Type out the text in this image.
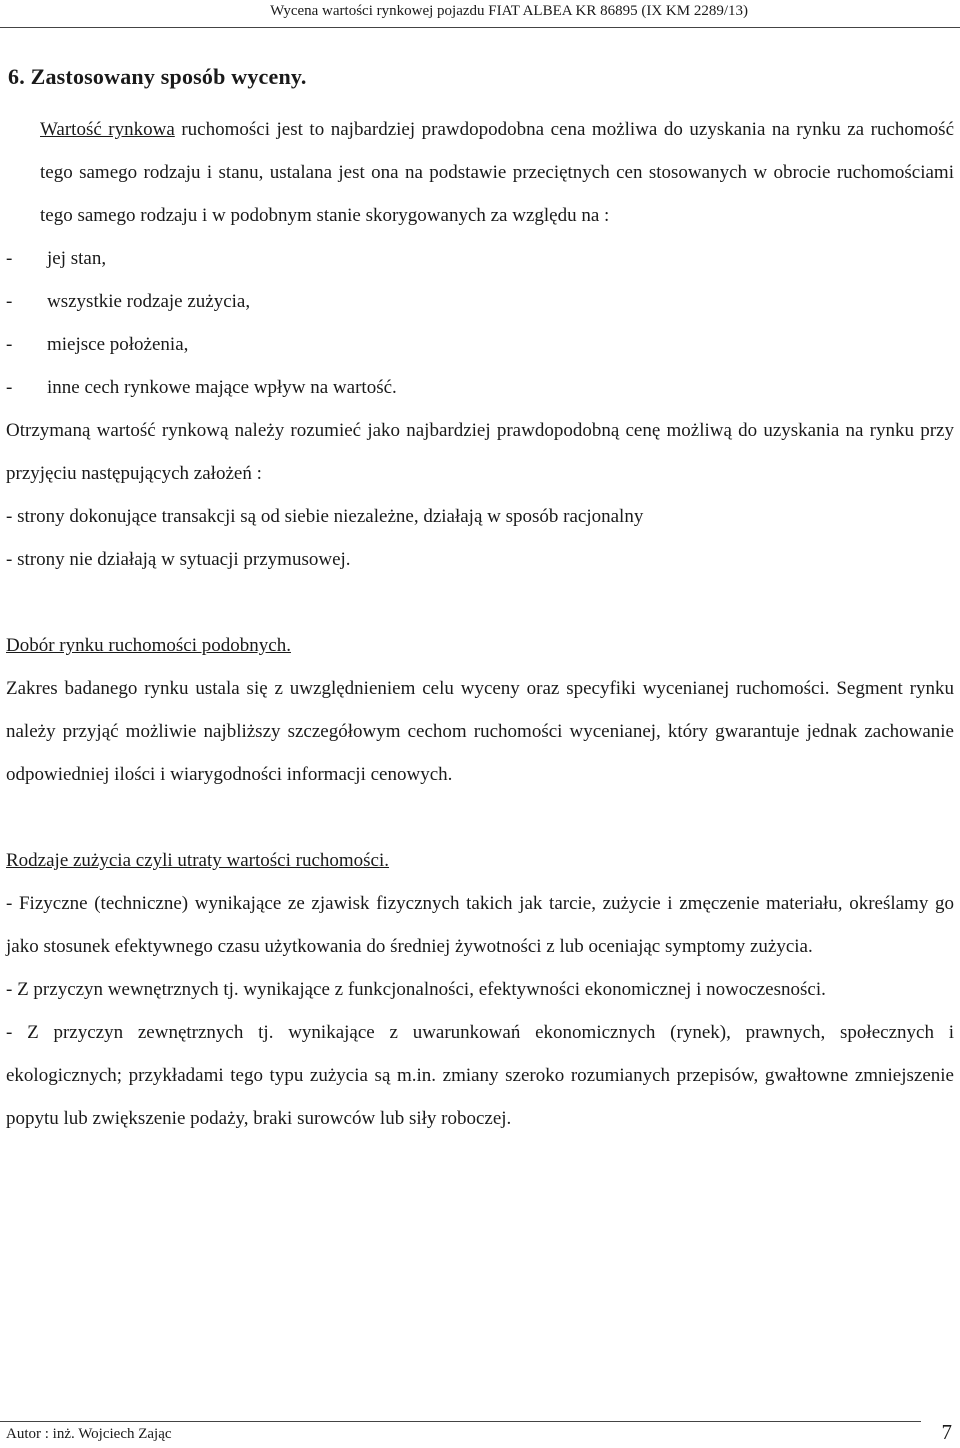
Wycena wartości rynkowej pojazdu FIAT ALBEA KR 86895 (IX KM 2289/13)
6. Zastosowany sposób wyceny.

Wartość rynkowa ruchomości jest to najbardziej prawdopodobna cena możliwa do uzyskania na rynku za ruchomość tego samego rodzaju i stanu, ustalana jest ona na podstawie przeciętnych cen stosowanych w obrocie ruchomościami tego samego rodzaju i w podobnym stanie skorygowanych za względu na :

-	jej stan,
-	wszystkie rodzaje zużycia,
-	miejsce położenia,
-	inne cech rynkowe mające wpływ na wartość.

Otrzymaną wartość rynkową należy rozumieć jako najbardziej prawdopodobną cenę możliwą do uzyskania na rynku przy przyjęciu następujących założeń :

- strony dokonujące transakcji są od siebie niezależne, działają w sposób racjonalny

- strony nie działają w sytuacji przymusowej.

Dobór rynku ruchomości podobnych.

Zakres badanego rynku ustala się z uwzględnieniem celu wyceny oraz specyfiki wycenianej ruchomości. Segment rynku należy przyjąć możliwie najbliższy szczegółowym cechom ruchomości wycenianej, który gwarantuje jednak zachowanie odpowiedniej ilości i wiarygodności informacji cenowych.

Rodzaje zużycia czyli utraty wartości ruchomości.

- Fizyczne (techniczne) wynikające ze zjawisk fizycznych takich jak tarcie, zużycie i zmęczenie materiału, określamy go jako stosunek efektywnego czasu użytkowania do średniej żywotności z lub oceniając symptomy zużycia.

- Z przyczyn wewnętrznych tj. wynikające z funkcjonalności, efektywności ekonomicznej i nowoczesności.

- Z przyczyn zewnętrznych tj. wynikające z uwarunkowań ekonomicznych (rynek), prawnych, społecznych i ekologicznych; przykładami tego typu zużycia są m.in. zmiany szeroko rozumianych przepisów, gwałtowne zmniejszenie popytu lub zwiększenie podaży, braki surowców lub siły roboczej.

Autor : inż. Wojciech Zając	7
